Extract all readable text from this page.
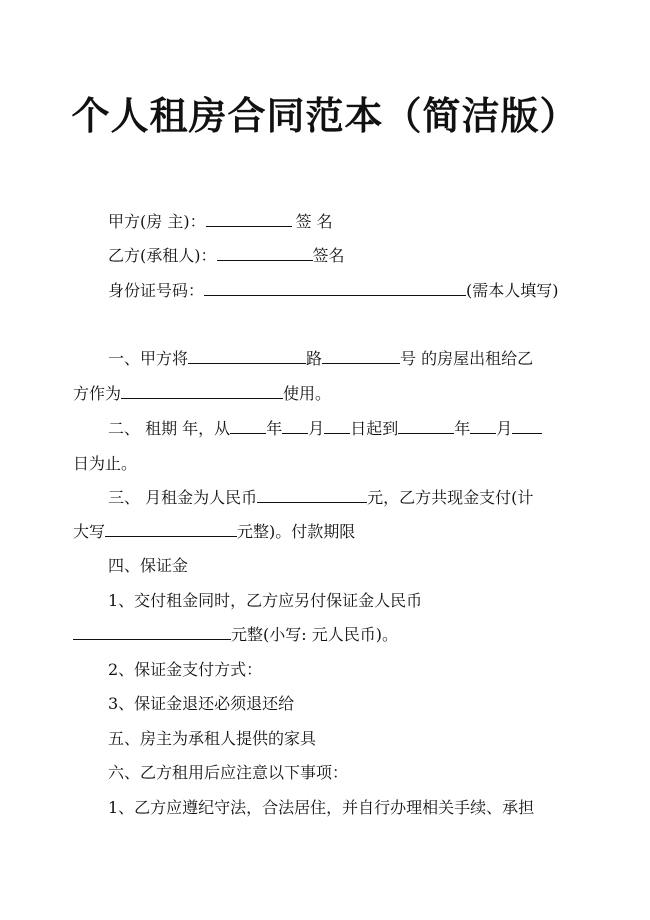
个人租房合同范本（简洁版）
甲方(房 主)：	签 名
乙方(承租人)：	签名
身份证号码：	(需本人填写)
一、甲方将	路	号 的房屋出租给乙
方作为	使用。
二、 租期 年，从 年 月 日起到	年 月
日为止。
三、 月租金为人民币	元，乙方共现金支付(计
大写	元整)。付款期限
四、保证金
1、交付租金同时，乙方应另付保证金人民币
元整(小写: 元人民币)。
2、保证金支付方式：
3、保证金退还必须退还给
五、房主为承租人提供的家具
六、乙方租用后应注意以下事项：
1、乙方应遵纪守法，合法居住，并自行办理相关手续、承担
